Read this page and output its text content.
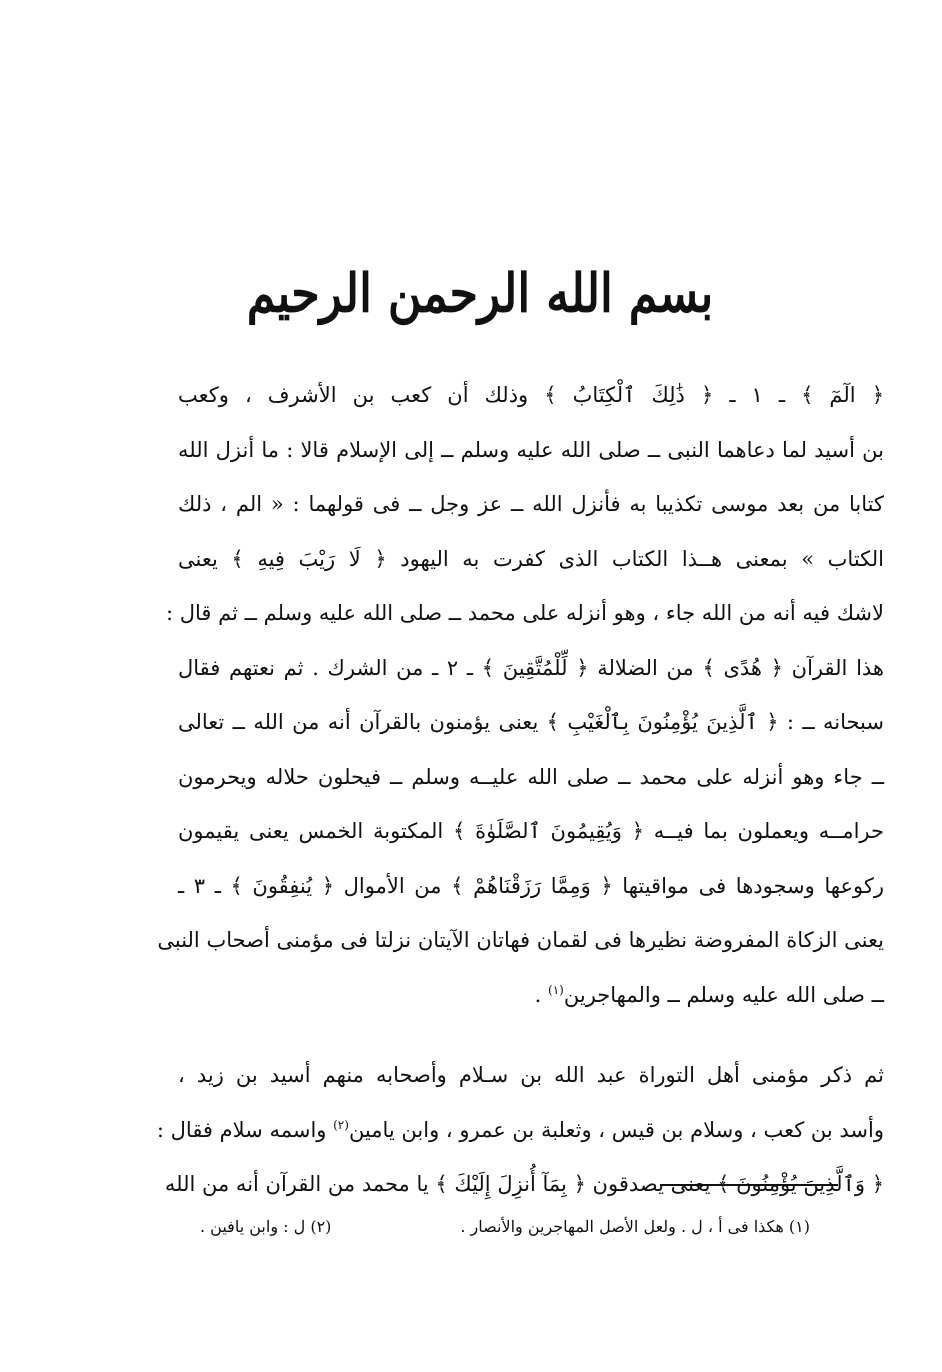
بسم الله الرحمن الرحيم
﴿ الٓمٓ ﴾ ـ ١ ـ ﴿ ذَٰلِكَ ٱلْكِتَابُ ﴾ وذلك أن كعب بن الأشرف ، وكعب
بن أسيد لما دعاهما النبى ــ صلى الله عليه وسلم ــ إلى الإسلام قالا : ما أنزل الله
كتابا من بعد موسى تكذيبا به فأنزل الله ــ عز وجل ــ فى قولهما : « الم ، ذلك
الكتاب » بمعنى هــذا الكتاب الذى كفرت به اليهود ﴿ لَا رَيْبَ فِيهِ ﴾ يعنى
لاشك فيه أنه من الله جاء ، وهو أنزله على محمد ــ صلى الله عليه وسلم ــ ثم قال :
هذا القرآن ﴿ هُدًى ﴾ من الضلالة ﴿ لِّلْمُتَّقِينَ ﴾ ـ ٢ ـ من الشرك . ثم نعتهم فقال
سبحانه ــ : ﴿ ٱلَّذِينَ يُؤْمِنُونَ بِٱلْغَيْبِ ﴾ يعنى يؤمنون بالقرآن أنه من الله ــ تعالى
ــ جاء وهو أنزله على محمد ــ صلى الله عليــه وسلم ــ فيحلون حلاله ويحرمون
حرامــه ويعملون بما فيــه ﴿ وَيُقِيمُونَ ٱلصَّلَوٰةَ ﴾ المكتوبة الخمس يعنى يقيمون
ركوعها وسجودها فى مواقيتها ﴿ وَمِمَّا رَزَقْنَاهُمْ ﴾ من الأموال ﴿ يُنفِقُونَ ﴾ ـ ٣ ـ
يعنى الزكاة المفروضة نظيرها فى لقمان فهاتان الآيتان نزلتا فى مؤمنى أصحاب النبى
ــ صلى الله عليه وسلم ــ والمهاجرين$^{(١)}$ .
ثم ذكر مؤمنى أهل التوراة عبد الله بن سـلام وأصحابه منهم أسيد بن زيد ،
وأسد بن كعب ، وسلام بن قيس ، وثعلبة بن عمرو ، وابن يامين$^{(٢)}$ واسمه سلام فقال :
﴿ وَٱلَّذِينَ يُؤْمِنُونَ ﴾ يعنى يصدقون ﴿ بِمَآ أُنزِلَ إِلَيْكَ ﴾ يا محمد من القرآن أنه من الله
(١) هكذا فى أ ، ل . ولعل الأصل المهاجرين والأنصار .
(٢) ل : وابن يافين .
